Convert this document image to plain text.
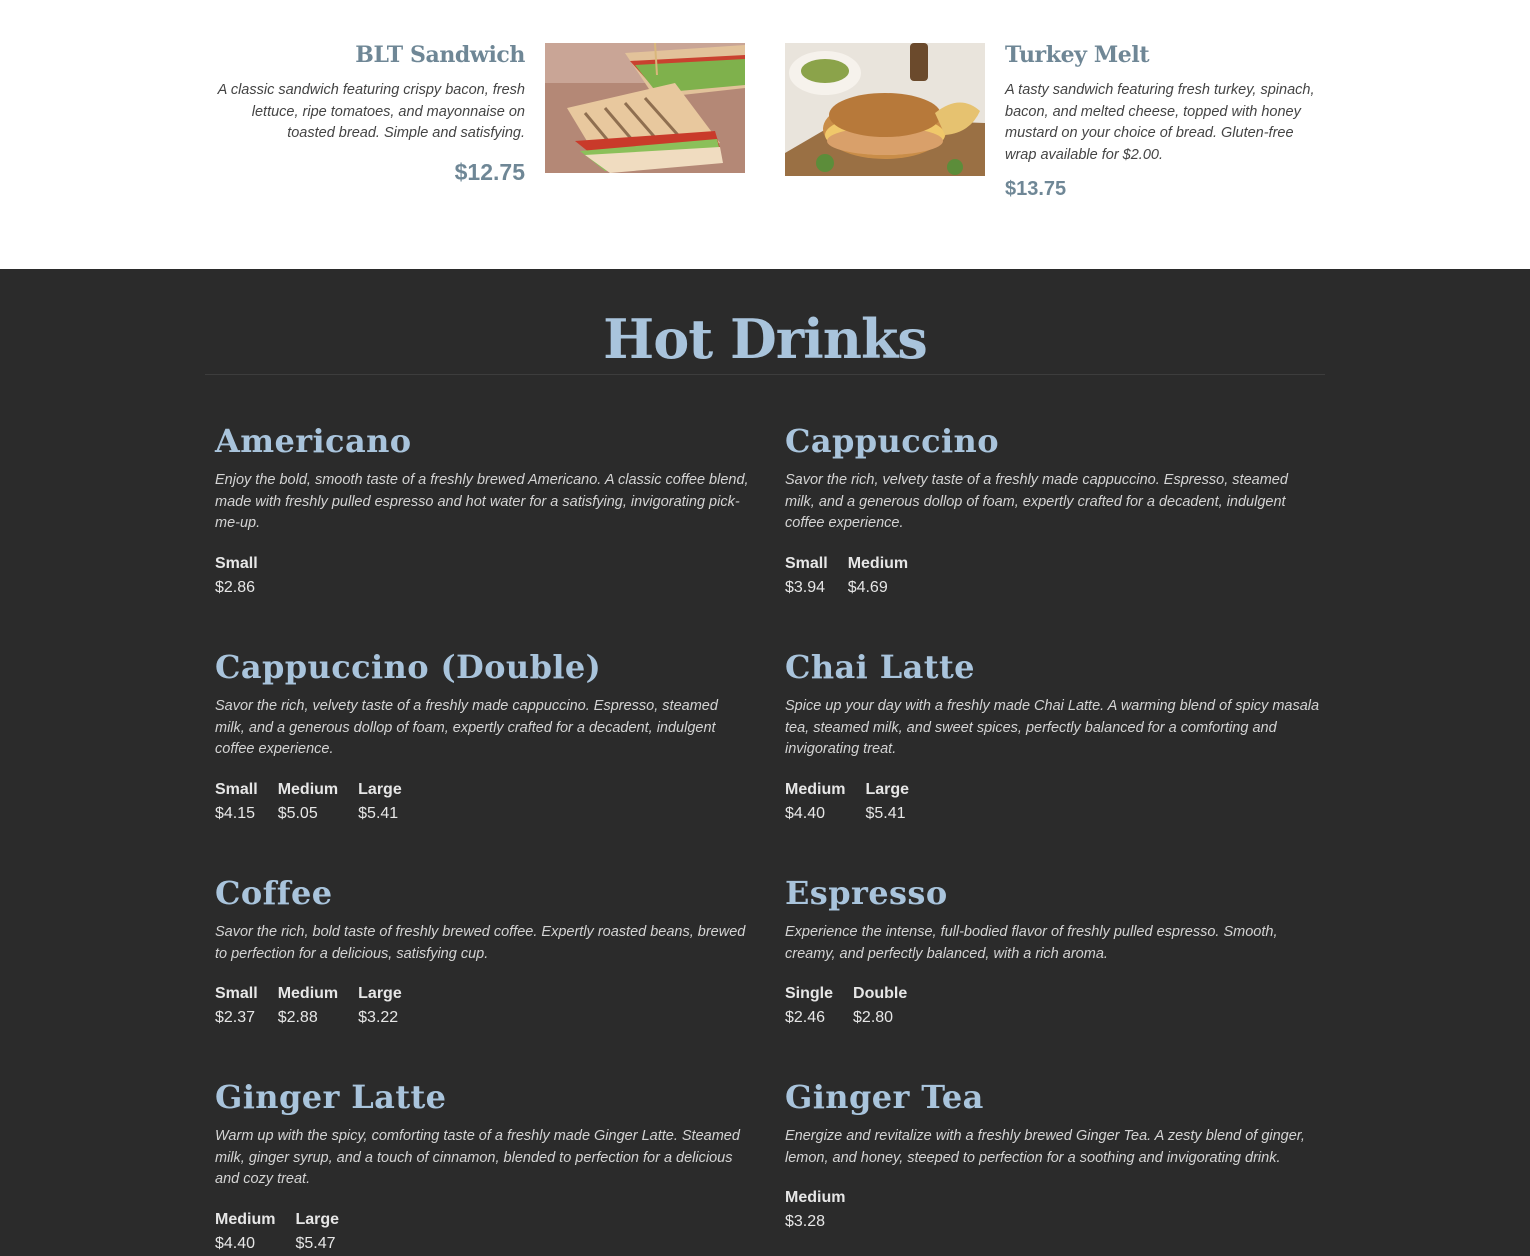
BLT Sandwich

A classic sandwich featuring crispy bacon, fresh lettuce, ripe tomatoes, and mayonnaise on toasted bread. Simple and satisfying.

$12.75
Turkey Melt

A tasty sandwich featuring fresh turkey, spinach, bacon, and melted cheese, topped with honey mustard on your choice of bread. Gluten-free wrap available for $2.00.

$13.75
Hot Drinks
Americano

Enjoy the bold, smooth taste of a freshly brewed Americano. A classic coffee blend, made with freshly pulled espresso and hot water for a satisfying, invigorating pick-me-up.

Small
$2.86
Cappuccino

Savor the rich, velvety taste of a freshly made cappuccino. Espresso, steamed milk, and a generous dollop of foam, expertly crafted for a decadent, indulgent coffee experience.

Small
$3.94
Medium
$4.69
Cappuccino (Double)

Savor the rich, velvety taste of a freshly made cappuccino. Espresso, steamed milk, and a generous dollop of foam, expertly crafted for a decadent, indulgent coffee experience.

Small
$4.15
Medium
$5.05
Large
$5.41
Chai Latte

Spice up your day with a freshly made Chai Latte. A warming blend of spicy masala tea, steamed milk, and sweet spices, perfectly balanced for a comforting and invigorating treat.

Medium
$4.40
Large
$5.41
Coffee

Savor the rich, bold taste of freshly brewed coffee. Expertly roasted beans, brewed to perfection for a delicious, satisfying cup.

Small
$2.37
Medium
$2.88
Large
$3.22
Espresso

Experience the intense, full-bodied flavor of freshly pulled espresso. Smooth, creamy, and perfectly balanced, with a rich aroma.

Single
$2.46
Double
$2.80
Ginger Latte

Warm up with the spicy, comforting taste of a freshly made Ginger Latte. Steamed milk, ginger syrup, and a touch of cinnamon, blended to perfection for a delicious and cozy treat.

Medium
$4.40
Large
$5.47
Ginger Tea

Energize and revitalize with a freshly brewed Ginger Tea. A zesty blend of ginger, lemon, and honey, steeped to perfection for a soothing and invigorating drink.

Medium
$3.28
